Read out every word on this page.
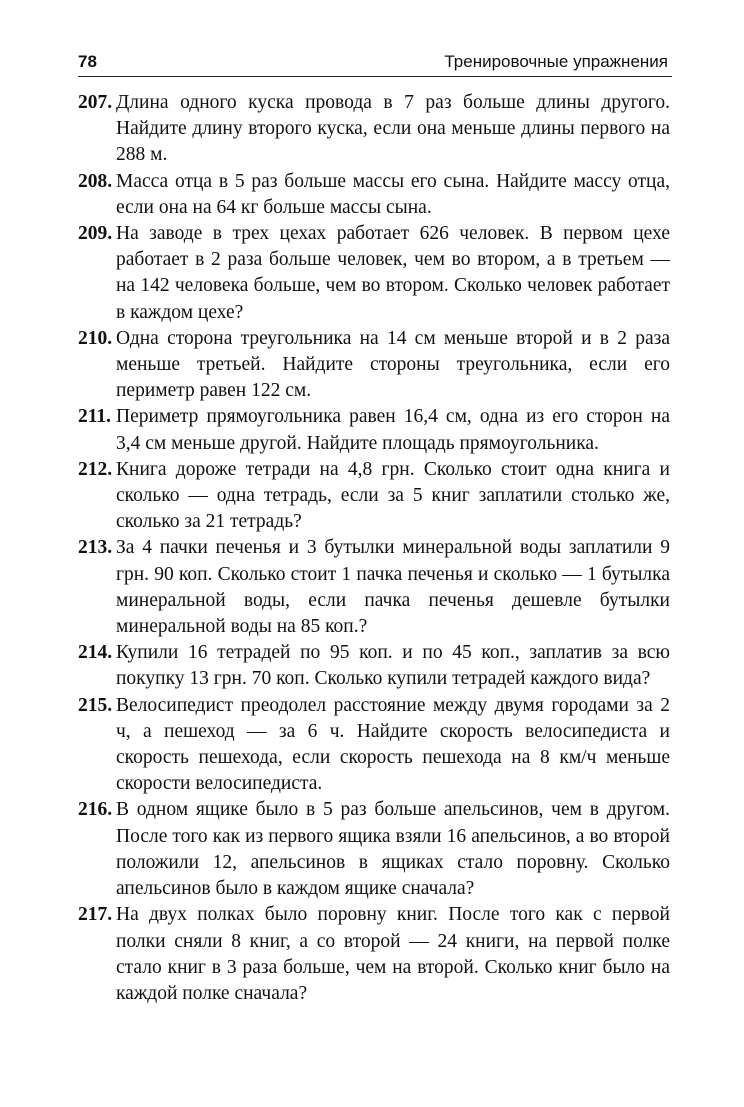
78	Тренировочные упражнения
207. Длина одного куска провода в 7 раз больше длины другого. Найдите длину второго куска, если она меньше длины первого на 288 м.
208. Масса отца в 5 раз больше массы его сына. Найдите массу отца, если она на 64 кг больше массы сына.
209. На заводе в трех цехах работает 626 человек. В первом цехе работает в 2 раза больше человек, чем во втором, а в третьем — на 142 человека больше, чем во втором. Сколько человек работает в каждом цехе?
210. Одна сторона треугольника на 14 см меньше второй и в 2 раза меньше третьей. Найдите стороны треугольника, если его периметр равен 122 см.
211. Периметр прямоугольника равен 16,4 см, одна из его сторон на 3,4 см меньше другой. Найдите площадь прямоугольника.
212. Книга дороже тетради на 4,8 грн. Сколько стоит одна книга и сколько — одна тетрадь, если за 5 книг заплатили столько же, сколько за 21 тетрадь?
213. За 4 пачки печенья и 3 бутылки минеральной воды заплатили 9 грн. 90 коп. Сколько стоит 1 пачка печенья и сколько — 1 бутылка минеральной воды, если пачка печенья дешевле бутылки минеральной воды на 85 коп.?
214. Купили 16 тетрадей по 95 коп. и по 45 коп., заплатив за всю покупку 13 грн. 70 коп. Сколько купили тетрадей каждого вида?
215. Велосипедист преодолел расстояние между двумя городами за 2 ч, а пешеход — за 6 ч. Найдите скорость велосипедиста и скорость пешехода, если скорость пешехода на 8 км/ч меньше скорости велосипедиста.
216. В одном ящике было в 5 раз больше апельсинов, чем в другом. После того как из первого ящика взяли 16 апельсинов, а во второй положили 12, апельсинов в ящиках стало поровну. Сколько апельсинов было в каждом ящике сначала?
217. На двух полках было поровну книг. После того как с первой полки сняли 8 книг, а со второй — 24 книги, на первой полке стало книг в 3 раза больше, чем на второй. Сколько книг было на каждой полке сначала?
